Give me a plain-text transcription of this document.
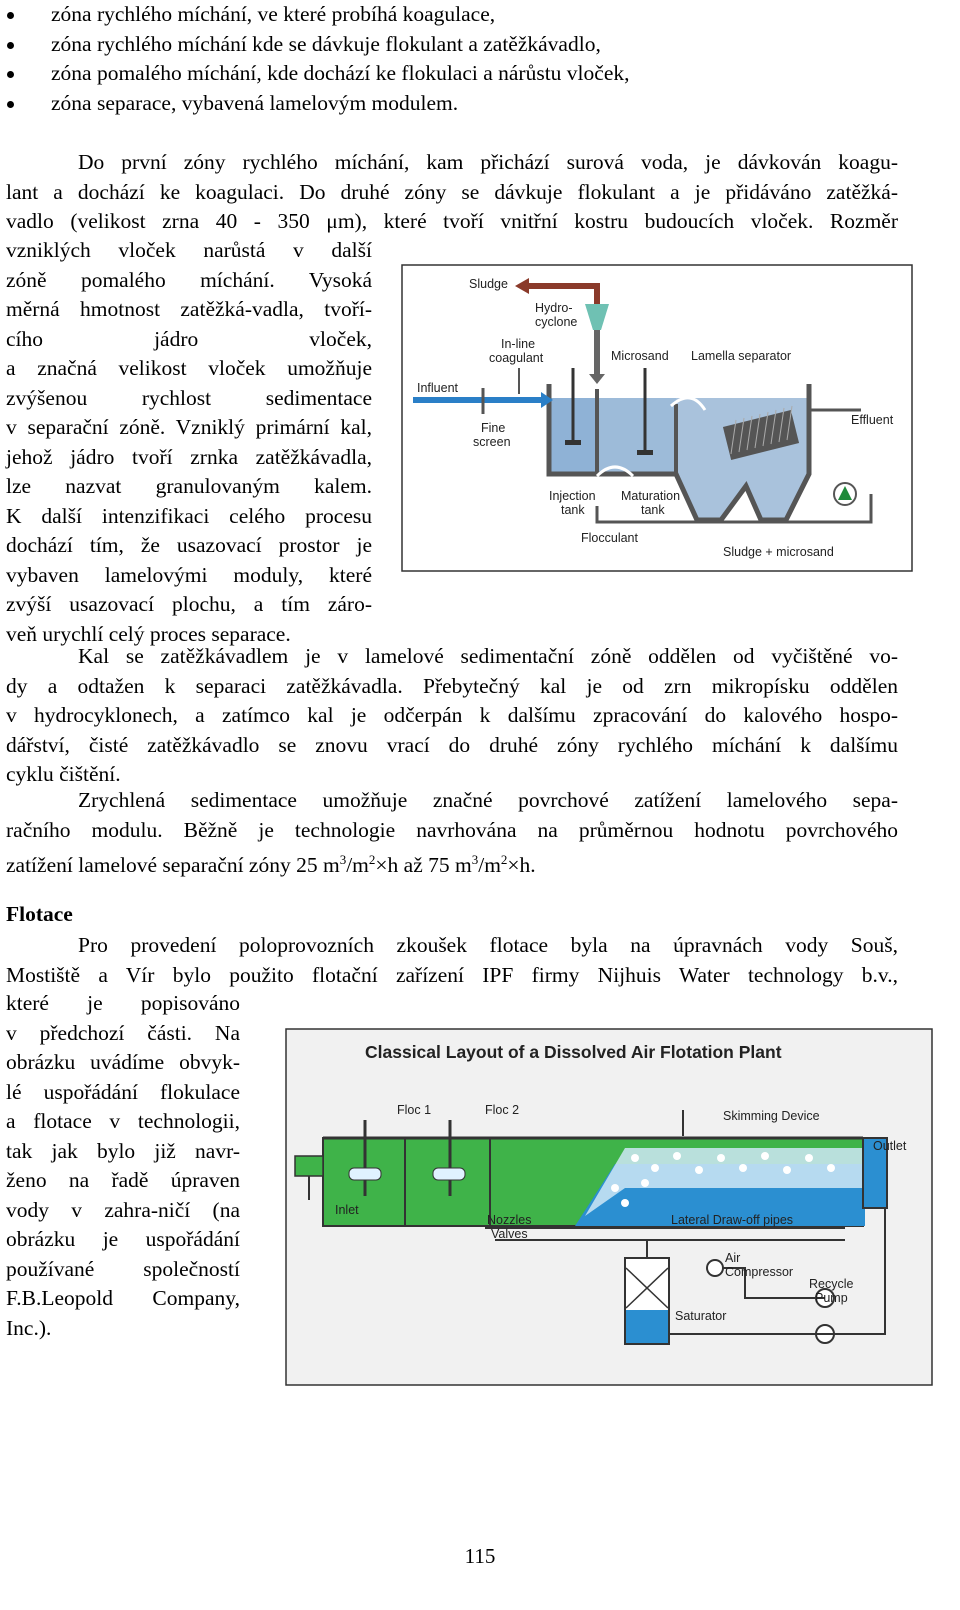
zóna rychlého míchání, ve které probíhá koagulace,
zóna rychlého míchání kde se dávkuje flokulant a zatěžkávadlo,
zóna pomalého míchání, kde dochází ke flokulaci a nárůstu vloček,
zóna separace, vybavená lamelovým modulem.
Do první zóny rychlého míchání, kam přichází surová voda, je dávkován koagu-
lant a dochází ke koagulaci. Do druhé zóny se dávkuje flokulant a je přidáváno zatěžká-
vadlo (velikost zrna 40 - 350 μm), které tvoří vnitřní kostru budoucích vloček. Rozměr
vzniklých vloček narůstá v další
zóně pomalého míchání. Vysoká
měrná hmotnost zatěžká-vadla, tvoří-
cího jádro vloček,
a značná velikost vloček umožňuje
zvýšenou rychlost sedimentace
v separační zóně. Vzniklý primární kal,
jehož jádro tvoří zrnka zatěžkávadla,
lze nazvat granulovaným kalem.
K další intenzifikaci celého procesu
dochází tím, že usazovací prostor je
vybaven lamelovými moduly, které
zvýší usazovací plochu, a tím záro-
veň urychlí celý proces separace.
Sludge
Hydro-
cyclone
In-line
coagulant	Microsand Lamella separator
Influent
Effluent
Fine
screen
Injection
tank
Maturation
tank
Flocculant
Sludge + microsand
Kal se zatěžkávadlem je v lamelové sedimentační zóně oddělen od vyčištěné vo-
dy a odtažen k separaci zatěžkávadla. Přebytečný kal je od zrn mikropísku oddělen
v hydrocyklonech, a zatímco kal je odčerpán k dalšímu zpracování do kalového hospo-
dářství, čisté zatěžkávadlo se znovu vrací do druhé zóny rychlého míchání k dalšímu
cyklu čištění.
Zrychlená sedimentace umožňuje značné povrchové zatížení lamelového sepa-
račního modulu. Běžně je technologie navrhována na průměrnou hodnotu povrchového
zatížení lamelové separační zóny 25 $m^3/m^2\times h$ až 75 $m^3/m^2\times h$.
Flotace
Pro provedení poloprovozních zkoušek flotace byla na úpravnách vody Souš,
Mostiště a Vír bylo použito flotační zařízení IPF firmy Nijhuis Water technology b.v.,
které je popisováno
v předchozí části. Na
obrázku uvádíme obvyk-
lé uspořádání flokulace
a flotace v technologii,
tak jak bylo již navr-
ženo na řadě úpraven
vody v zahra-ničí (na
obrázku je uspořádání
používané společností
F.B.Leopold Company,
Inc.).
Classical Layout of a Dissolved Air Flotation Plant
Floc 1	Floc 2	Skimming Device
Outlet
Inlet
Nozzles
Valves
Lateral Draw-off pipes
Air
Compressor
Recycle
Pump
Saturator
115
